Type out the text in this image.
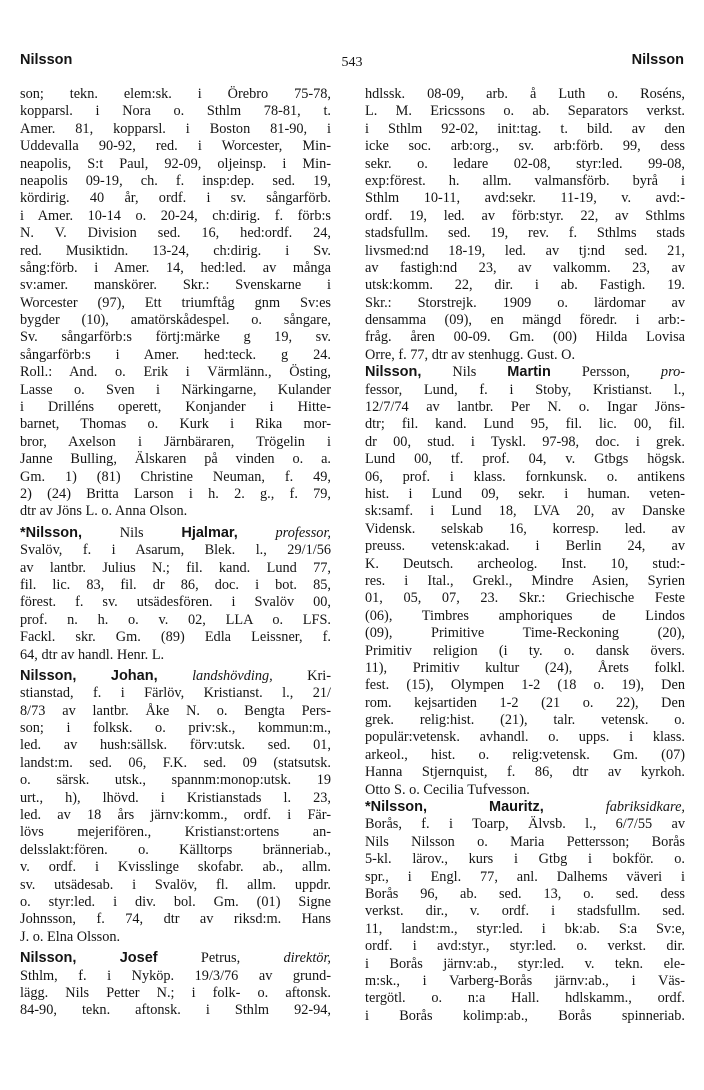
Nilsson	543	Nilsson
son; tekn. elem:sk. i Örebro 75-78,
kopparsl. i Nora o. Sthlm 78-81, t.
Amer. 81, kopparsl. i Boston 81-90, i
Uddevalla 90-92, red. i Worcester, Min-
neapolis, S:t Paul, 92-09, oljeinsp. i Min-
neapolis 09-19, ch. f. insp:dep. sed. 19,
kördirig. 40 år, ordf. i sv. sångarförb.
i Amer. 10-14 o. 20-24, ch:dirig. f. förb:s
N. V. Division sed. 16, hed:ordf. 24,
red. Musiktidn. 13-24, ch:dirig. i Sv.
sång:förb. i Amer. 14, hed:led. av många
sv:amer. manskörer. Skr.: Svenskarne i
Worcester (97), Ett triumftåg gnm Sv:es
bygder (10), amatörskådespel. o. sångare,
Sv. sångarförb:s förtj:märke g 19, sv.
sångarförb:s i Amer. hed:teck. g 24.
Roll.: And. o. Erik i Värmlänn., Östing,
Lasse o. Sven i Närkingarne, Kulander
i Drilléns operett, Konjander i Hitte-
barnet, Thomas o. Kurk i Rika mor-
bror, Axelson i Järnbäraren, Trögelin i
Janne Bulling, Älskaren på vinden o. a.
Gm. 1) (81) Christine Neuman, f. 49,
2) (24) Britta Larson i h. 2. g., f. 79,
dtr av Jöns L. o. Anna Olson.
*Nilsson, Nils Hjalmar, professor,
Svalöv, f. i Asarum, Blek. l., 29/1/56
av lantbr. Julius N.; fil. kand. Lund 77,
fil. lic. 83, fil. dr 86, doc. i bot. 85,
förest. f. sv. utsädesfören. i Svalöv 00,
prof. n. h. o. v. 02, LLA o. LFS.
Fackl. skr. Gm. (89) Edla Leissner, f.
64, dtr av handl. Henr. L.
Nilsson, Johan, landshövding, Kri-
stianstad, f. i Färlöv, Kristianst. l., 21/
8/73 av lantbr. Åke N. o. Bengta Pers-
son; i folksk. o. priv:sk., kommun:m.,
led. av hush:sällsk. förv:utsk. sed. 01,
landst:m. sed. 06, F.K. sed. 09 (statsutsk.
o. särsk. utsk., spannm:monop:utsk. 19
urt., h), lhövd. i Kristianstads l. 23,
led. av 18 års järnv:komm., ordf. i Fär-
lövs mejerifören., Kristianst:ortens an-
delsslakt:fören. o. Källtorps bränneriab.,
v. ordf. i Kvisslinge skofabr. ab., allm.
sv. utsädesab. i Svalöv, fl. allm. uppdr.
o. styr:led. i div. bol. Gm. (01) Signe
Johnsson, f. 74, dtr av riksd:m. Hans
J. o. Elna Olsson.
Nilsson,	Josef Petrus, direktör,
Sthlm, f. i Nyköp. 19/3/76 av grund-
lägg. Nils Petter N.; i folk- o. aftonsk.
84-90, tekn. aftonsk. i Sthlm 92-94,
hdlssk. 08-09, arb. å Luth o. Roséns,
L. M. Ericssons o. ab. Separators verkst.
i Sthlm 92-02, init:tag. t. bild. av den
icke soc. arb:org., sv. arb:förb. 99, dess
sekr. o. ledare 02-08, styr:led. 99-08,
exp:förest. h. allm. valmansförb. byrå i
Sthlm 10-11, avd:sekr. 11-19, v. avd:-
ordf. 19, led. av förb:styr. 22, av Sthlms
stadsfullm. sed. 19, rev. f. Sthlms stads
livsmed:nd 18-19, led. av tj:nd sed. 21,
av fastigh:nd 23, av valkomm. 23, av
utsk:komm. 22, dir. i ab. Fastigh. 19.
Skr.: Storstrejk. 1909 o. lärdomar av
densamma (09), en mängd föredr. i arb:-
fråg. åren 00-09. Gm. (00) Hilda Lovisa
Orre, f. 77, dtr av stenhugg. Gust. O.
Nilsson, Nils Martin Persson, pro-
fessor, Lund, f. i Stoby, Kristianst. l.,
12/7/74 av lantbr. Per N. o. Ingar Jöns-
dtr; fil. kand. Lund 95, fil. lic. 00, fil.
dr 00, stud. i Tyskl. 97-98, doc. i grek.
Lund 00, tf. prof. 04, v. Gtbgs högsk.
06, prof. i klass. fornkunsk. o. antikens
hist. i Lund 09, sekr. i human. veten-
sk:samf. i Lund 18, LVA 20, av Danske
Vidensk. selskab 16, korresp. led. av
preuss. vetensk:akad. i Berlin 24, av
K. Deutsch. archeolog. Inst. 10, stud:-
res. i Ital., Grekl., Mindre Asien, Syrien
01, 05, 07, 23. Skr.: Griechische Feste
(06), Timbres amphoriques de Lindos
(09), Primitive Time-Reckoning (20),
Primitiv religion (i ty. o. dansk övers.
11), Primitiv kultur (24), Årets folkl.
fest. (15), Olympen 1-2 (18 o. 19), Den
rom. kejsartiden 1-2 (21 o. 22), Den
grek. relig:hist. (21), talr. vetensk. o.
populär:vetensk. avhandl. o. upps. i klass.
arkeol., hist. o. relig:vetensk. Gm. (07)
Hanna Stjernquist, f. 86, dtr av kyrkoh.
Otto S. o. Cecilia Tufvesson.
*Nilsson,	Mauritz, fabriksidkare,
Borås, f. i Toarp, Älvsb. l., 6/7/55 av
Nils Nilsson o. Maria Pettersson; Borås
5-kl. lärov., kurs i Gtbg i bokför. o.
spr., i Engl. 77, anl. Dalhems väveri i
Borås 96, ab. sed. 13, o. sed. dess
verkst. dir., v. ordf. i stadsfullm. sed.
11, landst:m., styr:led. i bk:ab. S:a Sv:e,
ordf. i avd:styr., styr:led. o. verkst. dir.
i Borås järnv:ab., styr:led. v. tekn. ele-
m:sk., i Varberg-Borås järnv:ab., i Väs-
tergötl. o. n:a Hall. hdlskamm., ordf.
i Borås kolimp:ab., Borås spinneriab.
